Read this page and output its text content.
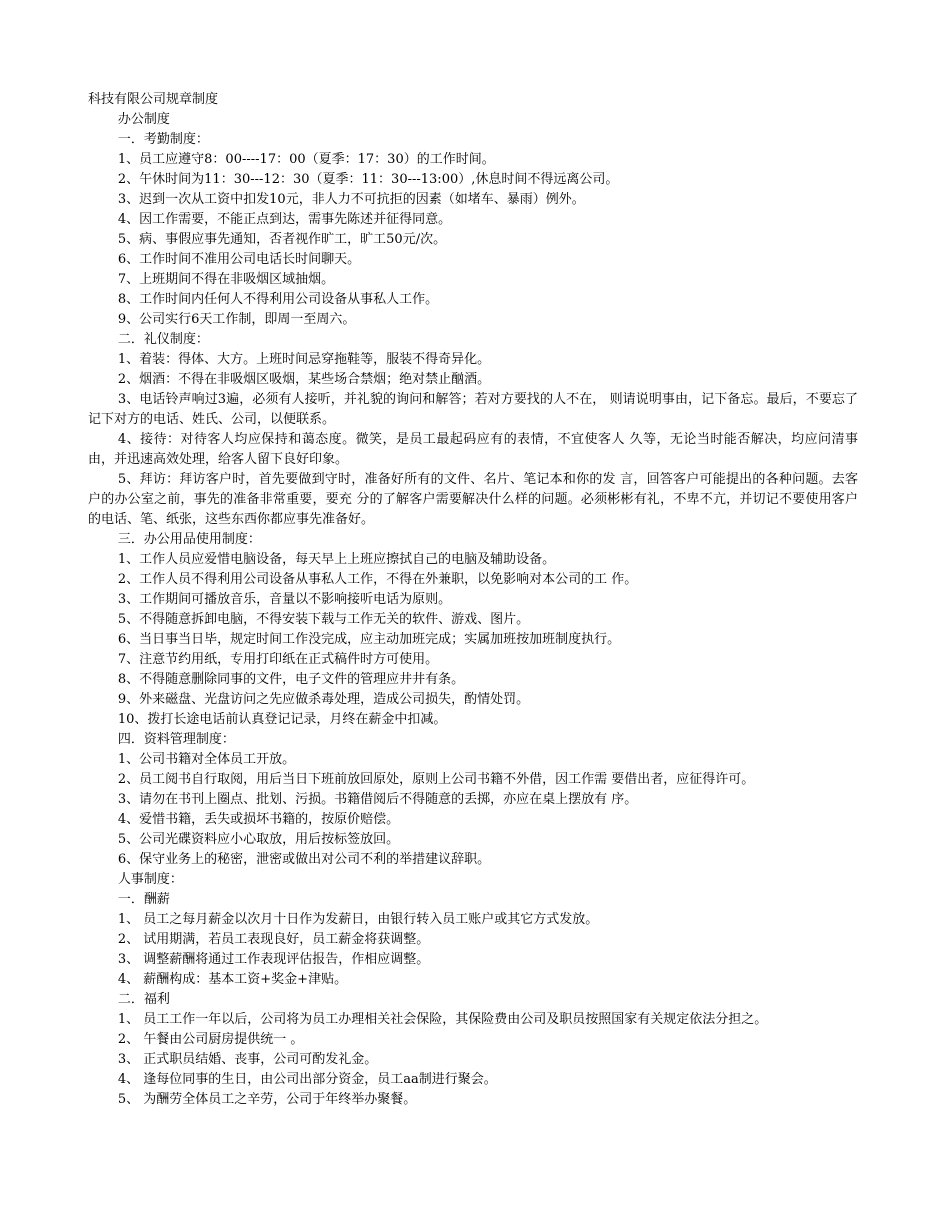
科技有限公司规章制度
办公制度
一．考勤制度：
1、员工应遵守8：00----17：00（夏季：17：30）的工作时间。
2、午休时间为11：30---12：30（夏季：11：30---13:00）,休息时间不得远离公司。
3、迟到一次从工资中扣发10元，非人力不可抗拒的因素（如堵车、暴雨）例外。
4、因工作需要，不能正点到达，需事先陈述并征得同意。
5、病、事假应事先通知，否者视作旷工，旷工50元/次。
6、工作时间不准用公司电话长时间聊天。
7、上班期间不得在非吸烟区域抽烟。
8、工作时间内任何人不得利用公司设备从事私人工作。
9、公司实行6天工作制，即周一至周六。
二．礼仪制度：
1、着装：得体、大方。上班时间忌穿拖鞋等，服装不得奇异化。
2、烟酒：不得在非吸烟区吸烟，某些场合禁烟；绝对禁止酗酒。
3、电话铃声响过3遍，必须有人接听，并礼貌的询问和解答；若对方要找的人不在， 则请说明事由，记下备忘。最后，不要忘了记下对方的电话、姓氏、公司，以便联系。
4、接待：对待客人均应保持和蔼态度。微笑，是员工最起码应有的表情，不宜使客人 久等，无论当时能否解决，均应问清事由，并迅速高效处理，给客人留下良好印象。
5、拜访：拜访客户时，首先要做到守时，准备好所有的文件、名片、笔记本和你的发 言，回答客户可能提出的各种问题。去客户的办公室之前，事先的准备非常重要，要充 分的了解客户需要解决什么样的问题。必须彬彬有礼，不卑不亢，并切记不要使用客户 的电话、笔、纸张，这些东西你都应事先准备好。
三．办公用品使用制度：
1、工作人员应爱惜电脑设备，每天早上上班应擦拭自己的电脑及辅助设备。
2、工作人员不得利用公司设备从事私人工作，不得在外兼职，以免影响对本公司的工 作。
3、工作期间可播放音乐，音量以不影响接听电话为原则。
5、不得随意拆卸电脑，不得安装下载与工作无关的软件、游戏、图片。
6、当日事当日毕，规定时间工作没完成，应主动加班完成；实属加班按加班制度执行。
7、注意节约用纸，专用打印纸在正式稿件时方可使用。
8、不得随意删除同事的文件，电子文件的管理应井井有条。
9、外来磁盘、光盘访问之先应做杀毒处理，造成公司损失，酌情处罚。
10、拨打长途电话前认真登记记录，月终在薪金中扣减。
四．资料管理制度：
1、公司书籍对全体员工开放。
2、员工阅书自行取阅，用后当日下班前放回原处，原则上公司书籍不外借，因工作需 要借出者，应征得许可。
3、请勿在书刊上圈点、批划、污损。书籍借阅后不得随意的丢掷，亦应在桌上摆放有 序。
4、爱惜书籍，丢失或损坏书籍的，按原价赔偿。
5、公司光碟资料应小心取放，用后按标签放回。
6、保守业务上的秘密，泄密或做出对公司不利的举措建议辞职。
人事制度：
一．酬薪
1、 员工之每月薪金以次月十日作为发薪日，由银行转入员工账户或其它方式发放。
2、 试用期满，若员工表现良好，员工薪金将获调整。
3、 调整薪酬将通过工作表现评估报告，作相应调整。
4、 薪酬构成：基本工资+奖金+津贴。
二．福利
1、 员工工作一年以后，公司将为员工办理相关社会保险，其保险费由公司及职员按照国家有关规定依法分担之。
2、 午餐由公司厨房提供统一 。
3、 正式职员结婚、丧事，公司可酌发礼金。
4、 逢每位同事的生日，由公司出部分资金，员工aa制进行聚会。
5、 为酬劳全体员工之辛劳，公司于年终举办聚餐。
